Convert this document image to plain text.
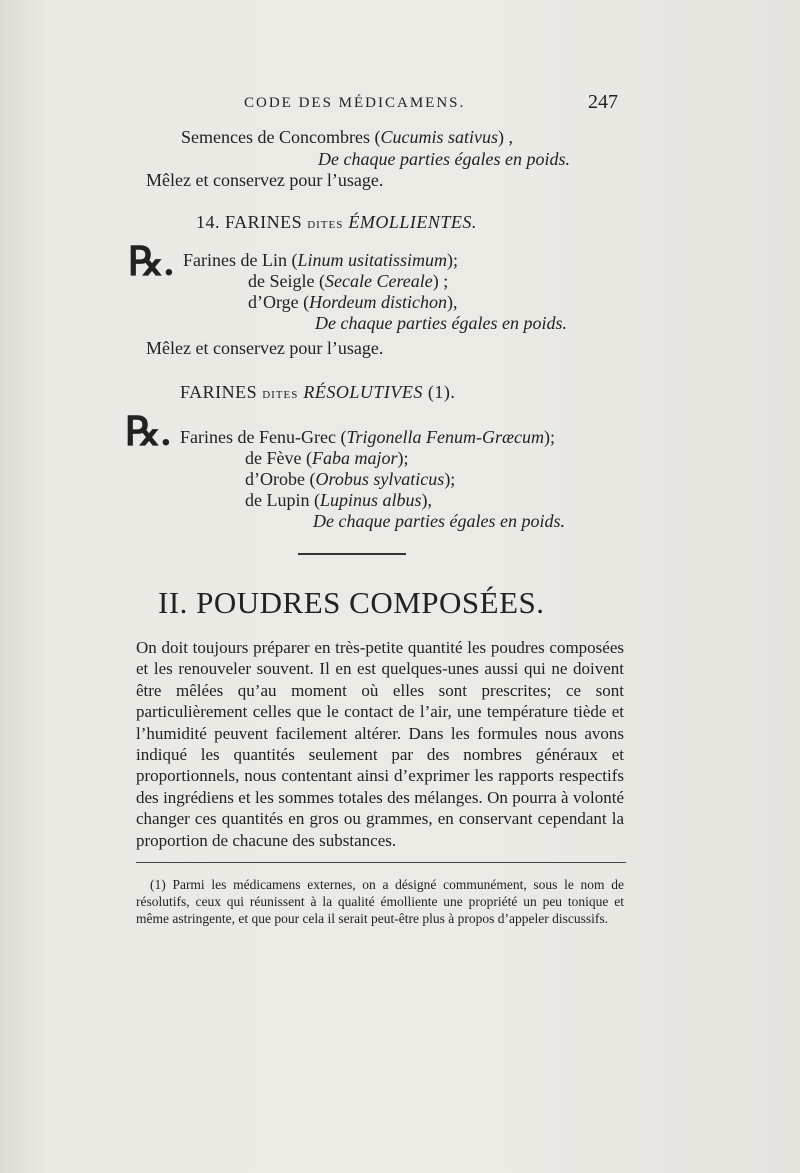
CODE DES MÉDICAMENS.	247
Semences de Concombres (Cucumis sativus) ,
De chaque parties égales en poids.
Mêlez et conservez pour l’usage.
14. FARINES DITES ÉMOLLIENTES.
℞. Farines de Lin (Linum usitatissimum);
de Seigle (Secale Cereale) ;
d’Orge (Hordeum distichon),
De chaque parties égales en poids.
Mêlez et conservez pour l’usage.
FARINES DITES RÉSOLUTIVES (1).
℞. Farines de Fenu-Grec (Trigonella Fenum-Græcum);
de Fève (Faba major);
d’Orobe (Orobus sylvaticus);
de Lupin (Lupinus albus),
De chaque parties égales en poids.
II. POUDRES COMPOSÉES.
On doit toujours préparer en très-petite quantité les poudres composées et les renouveler souvent. Il en est quelques-unes aussi qui ne doivent être mêlées qu’au moment où elles sont prescrites; ce sont particulièrement celles que le contact de l’air, une température tiède et l’humidité peuvent facilement altérer. Dans les formules nous avons indiqué les quantités seulement par des nombres généraux et proportionnels, nous contentant ainsi d’exprimer les rapports respectifs des ingrédiens et les sommes totales des mélanges. On pourra à volonté changer ces quantités en gros ou grammes, en conservant cependant la proportion de chacune des substances.
(1) Parmi les médicamens externes, on a désigné communément, sous le nom de résolutifs, ceux qui réunissent à la qualité émolliente une propriété un peu tonique et même astringente, et que pour cela il serait peut-être plus à propos d’appeler discussifs.
